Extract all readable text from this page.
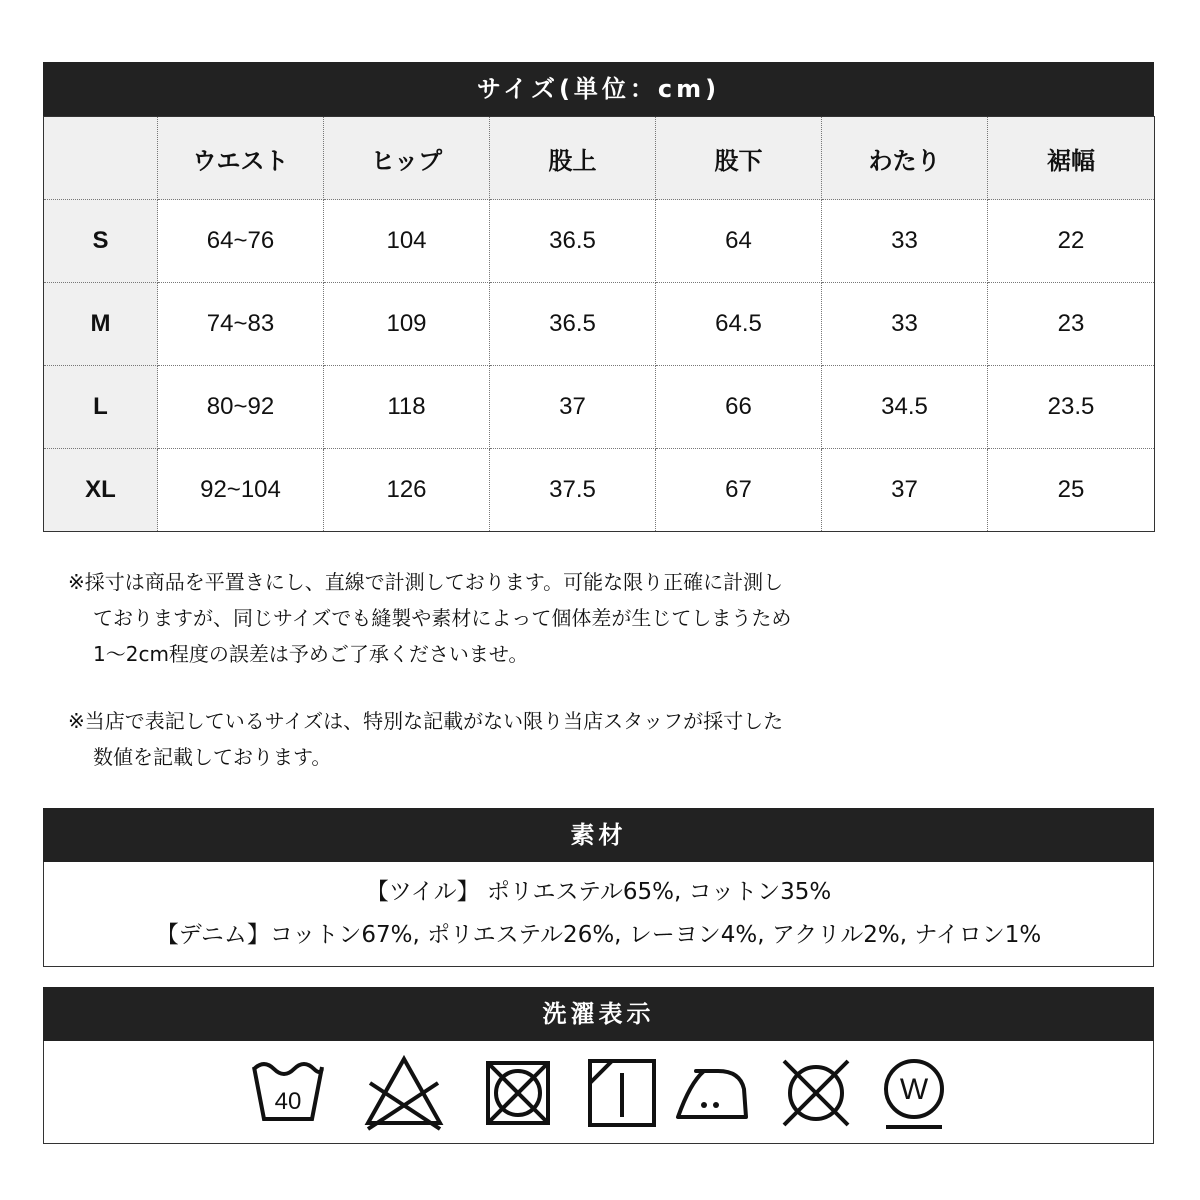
サイズ(単位：cm)
	ウエスト	ヒップ	股上	股下	わたり	裾幅
S	64~76	104	36.5	64	33	22
M	74~83	109	36.5	64.5	33	23
L	80~92	118	37	66	34.5	23.5
XL	92~104	126	37.5	67	37	25

※採寸は商品を平置きにし、直線で計測しております。可能な限り正確に計測し

ておりますが、同じサイズでも縫製や素材によって個体差が生じてしまうため

1〜2cm程度の誤差は予めご了承くださいませ。

※当店で表記しているサイズは、特別な記載がない限り当店スタッフが採寸した

数値を記載しております。

素材

【ツイル】 ポリエステル65%, コットン35%

【デニム】コットン67%, ポリエステル26%, レーヨン4%, アクリル2%, ナイロン1%

洗濯表示
40	W
